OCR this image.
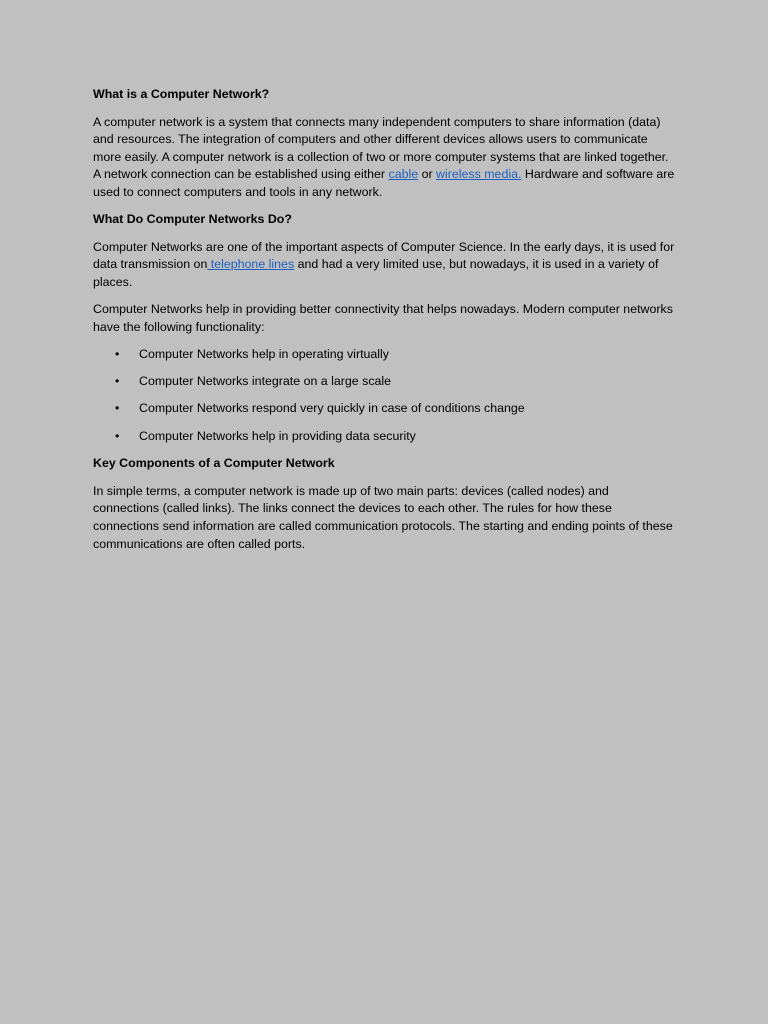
What is a Computer Network?

A computer network is a system that connects many independent computers to share information (data) and resources. The integration of computers and other different devices allows users to communicate more easily. A computer network is a collection of two or more computer systems that are linked together. A network connection can be established using either cable or wireless media. Hardware and software are used to connect computers and tools in any network.

What Do Computer Networks Do?

Computer Networks are one of the important aspects of Computer Science. In the early days, it is used for data transmission on telephone lines and had a very limited use, but nowadays, it is used in a variety of places.

Computer Networks help in providing better connectivity that helps nowadays. Modern computer networks have the following functionality:

• Computer Networks help in operating virtually
• Computer Networks integrate on a large scale
• Computer Networks respond very quickly in case of conditions change
• Computer Networks help in providing data security
Key Components of a Computer Network

In simple terms, a computer network is made up of two main parts: devices (called nodes) and connections (called links). The links connect the devices to each other. The rules for how these connections send information are called communication protocols. The starting and ending points of these communications are often called ports.
